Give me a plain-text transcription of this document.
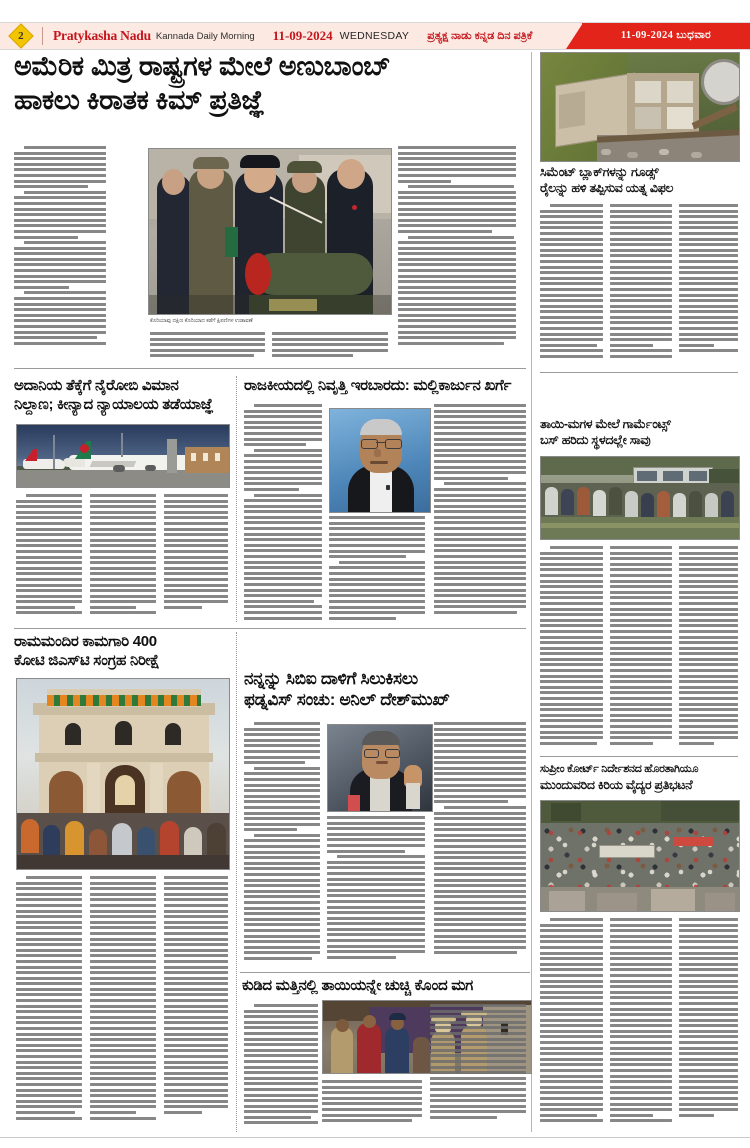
2 Pratykasha Nadu Kannada Daily Morning 11-09-2024 WEDNESDAY ಪ್ರತ್ಯಕ್ಷ ನಾಡು ಕನ್ನಡ ದಿನ ಪತ್ರಿಕೆ	11-09-2024 ಬುಧವಾರ
ಅಮೆರಿಕ ಮಿತ್ರ ರಾಷ್ಟ್ರಗಳ ಮೇಲೆ ಅಣುಬಾಂಬ್
ಹಾಕಲು ಕಿರಾತಕ ಕಿಮ್ ಪ್ರತಿಜ್ಞೆ
ಕೊರಿಯಾವು ದಕ್ಷಿಣ ಕೊರಿಯಾದ ಕಡೆಗೆ ಕ್ಷಿಪಣಿಗಳ ಉಡಾವಣೆ
ಅದಾನಿಯ ತೆಕ್ಕೆಗೆ ನೈರೋಬಿ ವಿಮಾನ
ನಿಲ್ದಾಣ; ಕೀನ್ಯಾದ ನ್ಯಾಯಾಲಯ ತಡೆಯಾಜ್ಞೆ
ರಾಜಕೀಯದಲ್ಲಿ ನಿವೃತ್ತಿ ಇರಬಾರದು: ಮಲ್ಲಿಕಾರ್ಜುನ ಖರ್ಗೆ
ರಾಮಮಂದಿರ ಕಾಮಗಾರಿ 400
ಕೋಟಿ ಜಿಎಸ್‌ಟಿ ಸಂಗ್ರಹ ನಿರೀಕ್ಷೆ
ನನ್ನನ್ನು ಸಿಬಿಐ ದಾಳಿಗೆ ಸಿಲುಕಿಸಲು
ಫಡ್ನವಿಸ್ ಸಂಚು: ಅನಿಲ್ ದೇಶ್‌ಮುಖ್
ಕುಡಿದ ಮತ್ತಿನಲ್ಲಿ ತಾಯಿಯನ್ನೇ ಚುಚ್ಚಿ ಕೊಂದ ಮಗ
ಸಿಮೆಂಟ್ ಬ್ಲಾಕ್‌ಗಳನ್ನು ಗೂಡ್ಸ್
ರೈಲನ್ನು ಹಳಿ ತಪ್ಪಿಸುವ ಯತ್ನ ವಿಫಲ
ತಾಯಿ-ಮಗಳ ಮೇಲೆ ಗಾರ್ಮೆಂಟ್ಸ್
ಬಸ್ ಹರಿದು ಸ್ಥಳದಲ್ಲೇ ಸಾವು
ಸುಪ್ರೀಂ ಕೋರ್ಟ್ ನಿರ್ದೇಶನದ ಹೊರತಾಗಿಯೂ
ಮುಂದುವರಿದ ಕಿರಿಯ ವೈದ್ಯರ ಪ್ರತಿಭಟನೆ
